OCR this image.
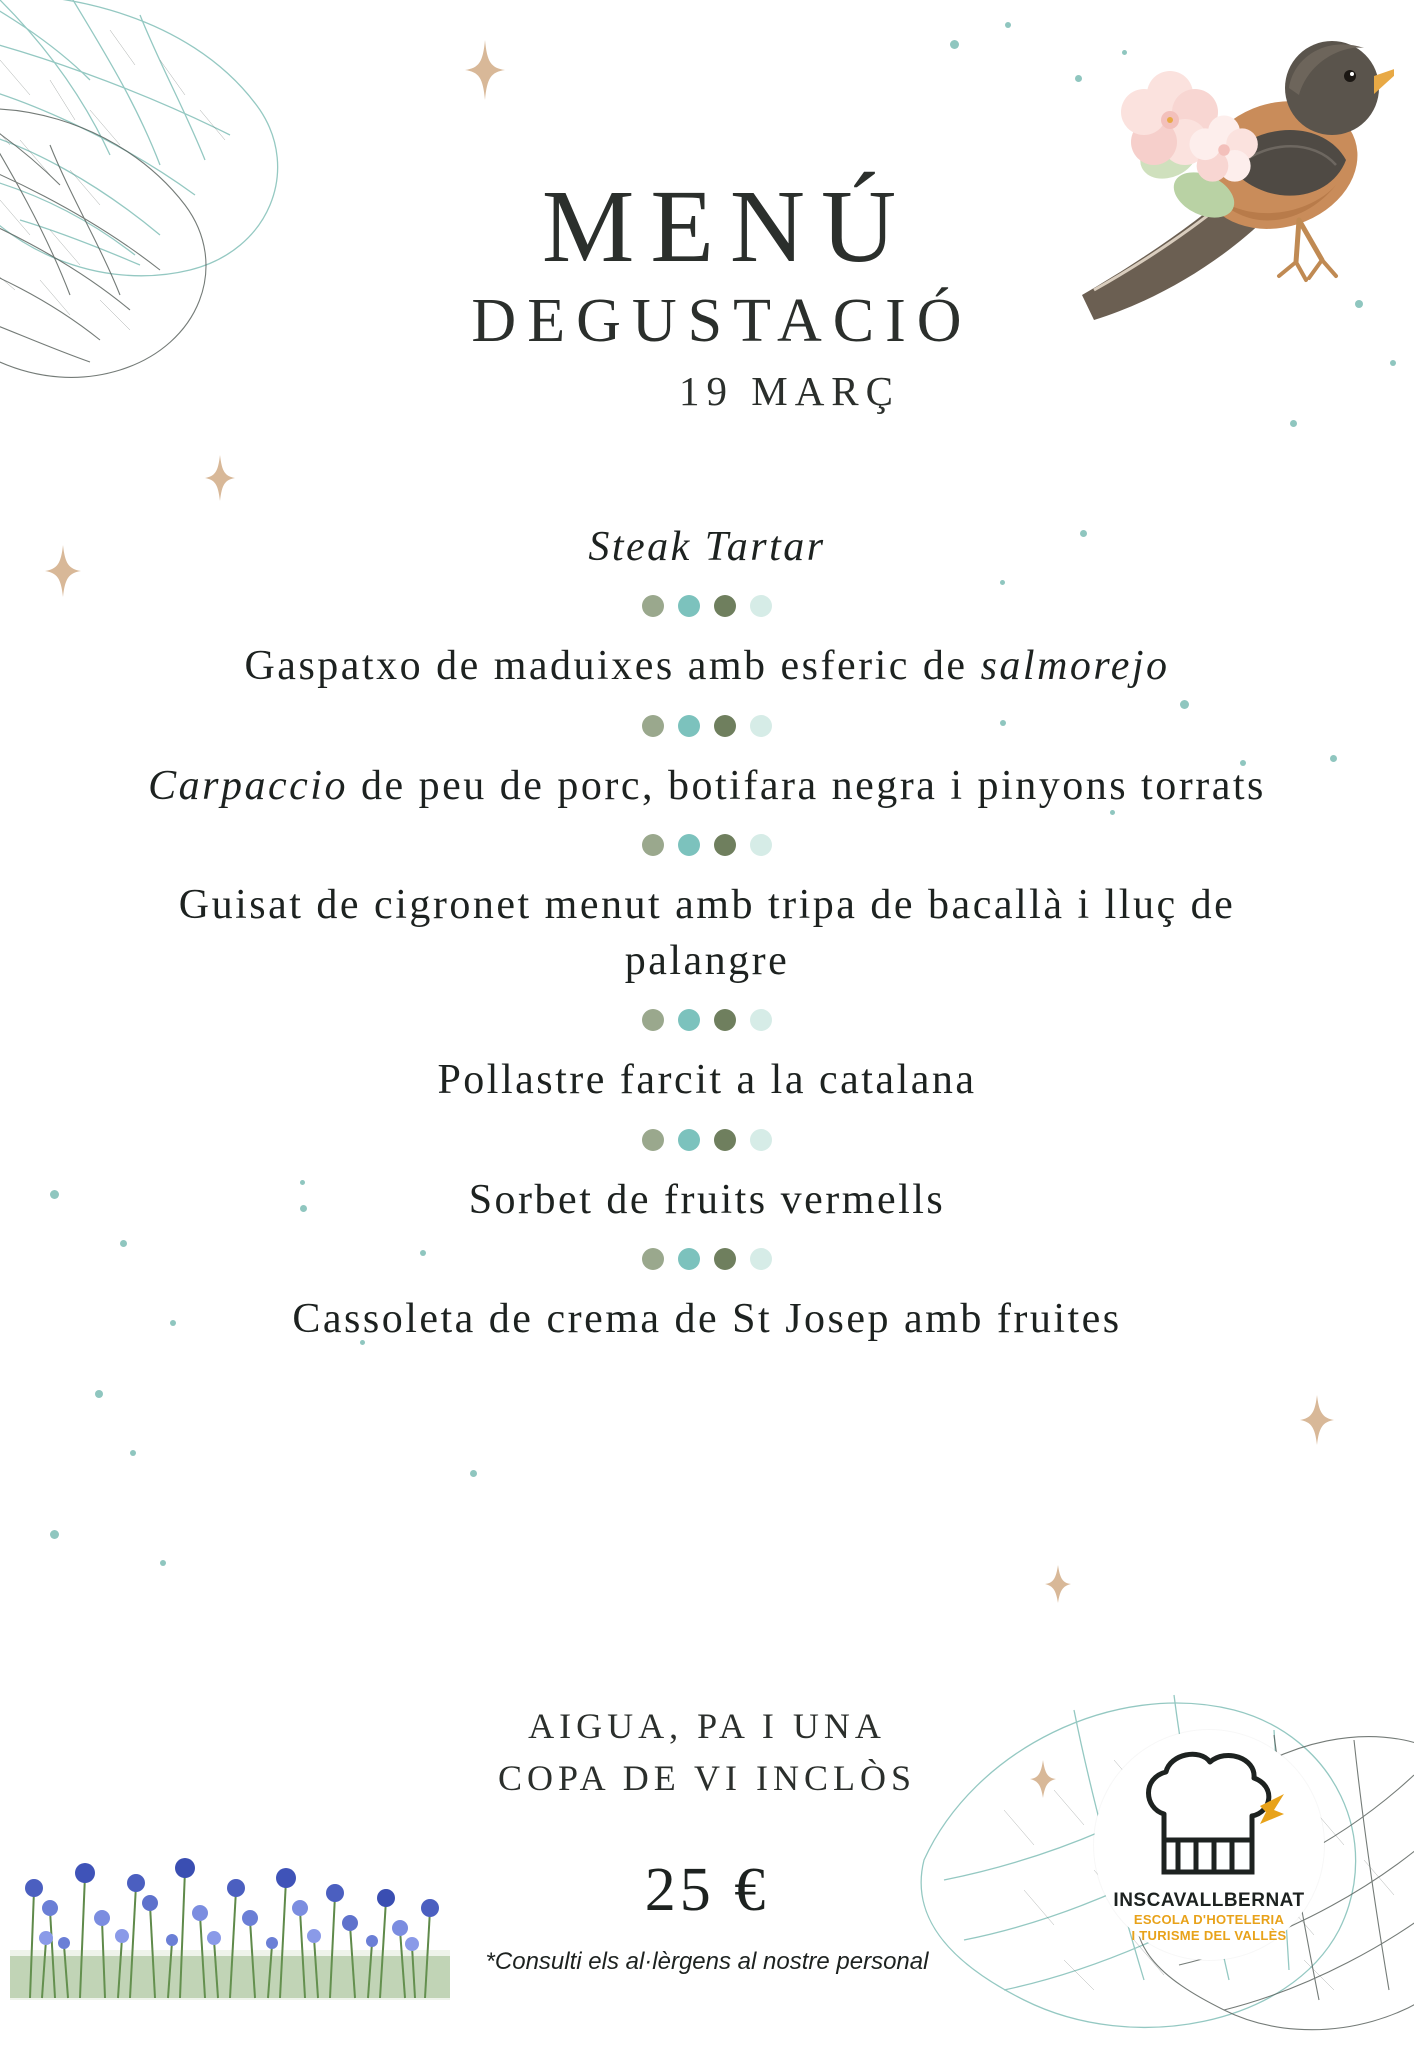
MENÚ
DEGUSTACIÓ
19 MARÇ
Steak Tartar
Gaspatxo de maduixes amb esferic de salmorejo
Carpaccio de peu de porc, botifara negra i pinyons torrats
Guisat de cigronet menut amb tripa de bacallà i lluç de palangre
Pollastre farcit a la catalana
Sorbet de fruits vermells
Cassoleta de crema de St Josep amb fruites
AIGUA, PA I UNA
COPA DE VI INCLÒS
25 €
*Consulti els al·lèrgens al nostre personal
INSCAVALLBERNAT
ESCOLA D'HOTELERIA
I TURISME DEL VALLÈS
